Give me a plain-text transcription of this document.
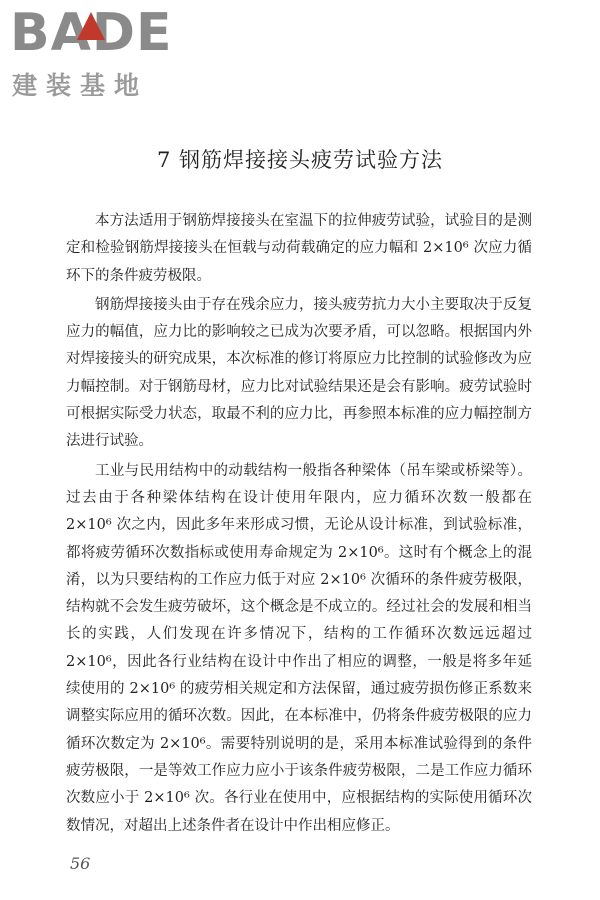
BADE
建装基地
7 钢筋焊接接头疲劳试验方法

本方法适用于钢筋焊接接头在室温下的拉伸疲劳试验，试验目的是测定和检验钢筋焊接接头在恒载与动荷载确定的应力幅和 2×10⁶ 次应力循环下的条件疲劳极限。

钢筋焊接接头由于存在残余应力，接头疲劳抗力大小主要取决于反复应力的幅值，应力比的影响较之已成为次要矛盾，可以忽略。根据国内外对焊接接头的研究成果，本次标准的修订将原应力比控制的试验修改为应力幅控制。对于钢筋母材，应力比对试验结果还是会有影响。疲劳试验时可根据实际受力状态，取最不利的应力比，再参照本标准的应力幅控制方法进行试验。

工业与民用结构中的动载结构一般指各种梁体（吊车梁或桥梁等）。过去由于各种梁体结构在设计使用年限内，应力循环次数一般都在 2×10⁶ 次之内，因此多年来形成习惯，无论从设计标准，到试验标准，都将疲劳循环次数指标或使用寿命规定为 2×10⁶。这时有个概念上的混淆，以为只要结构的工作应力低于对应 2×10⁶ 次循环的条件疲劳极限，结构就不会发生疲劳破坏，这个概念是不成立的。经过社会的发展和相当长的实践，人们发现在许多情况下，结构的工作循环次数远远超过 2×10⁶，因此各行业结构在设计中作出了相应的调整，一般是将多年延续使用的 2×10⁶ 的疲劳相关规定和方法保留，通过疲劳损伤修正系数来调整实际应用的循环次数。因此，在本标准中，仍将条件疲劳极限的应力循环次数定为 2×10⁶。需要特别说明的是，采用本标准试验得到的条件疲劳极限，一是等效工作应力应小于该条件疲劳极限，二是工作应力循环次数应小于 2×10⁶ 次。各行业在使用中，应根据结构的实际使用循环次数情况，对超出上述条件者在设计中作出相应修正。

56
